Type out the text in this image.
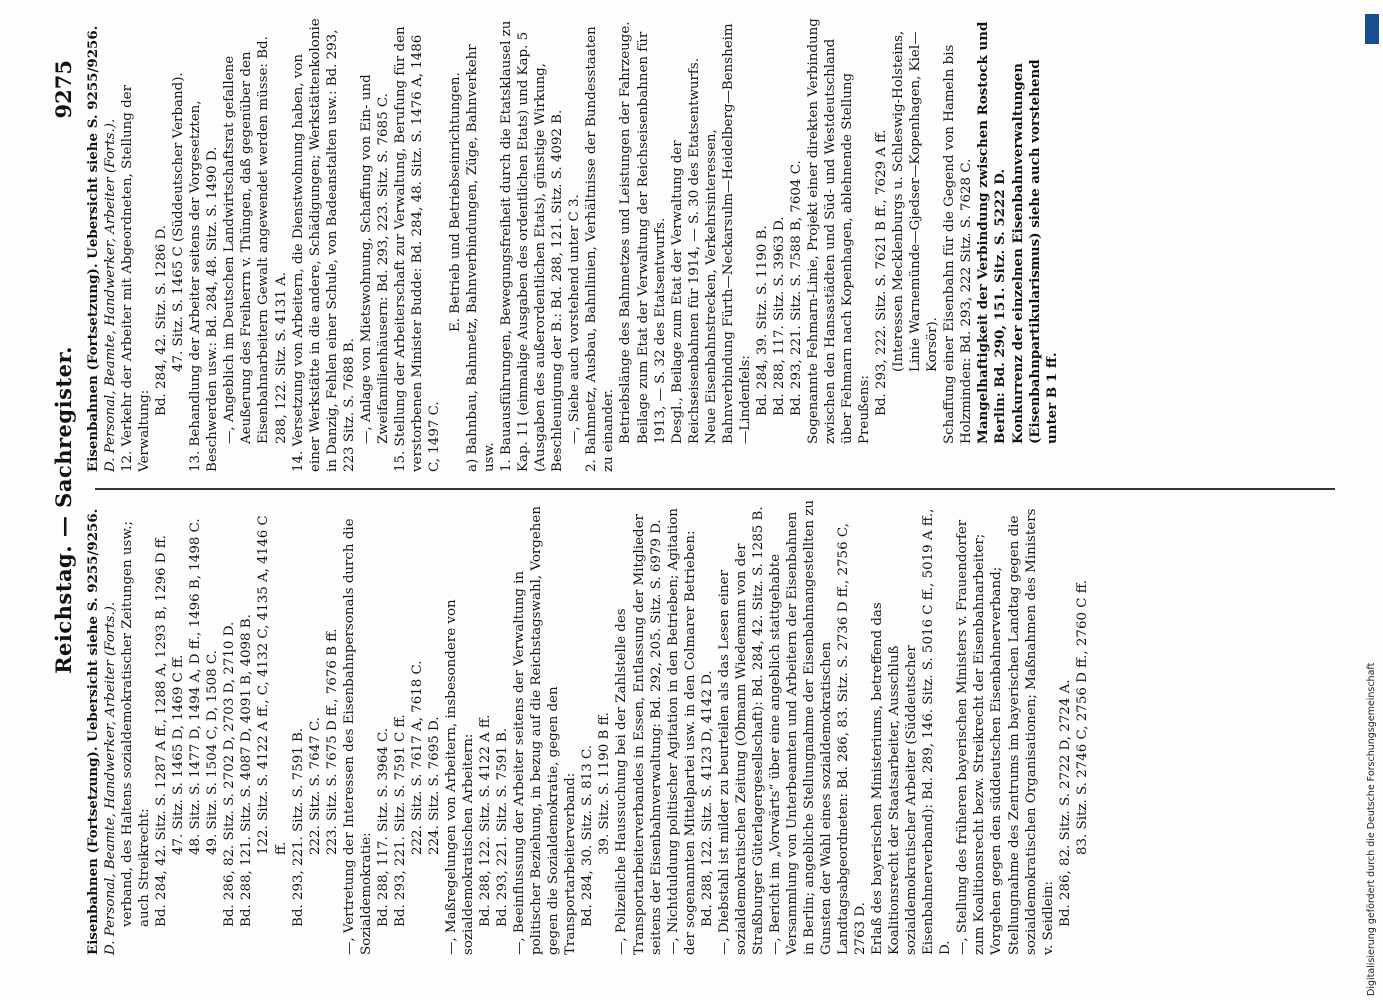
Reichstag. — Sachregister.
9275

Eisenbahnen (Fortsetzung). Uebersicht siehe S. 9255/9256. D. Personal, Beamte, Handwerker, Arbeiter (Forts.). verband, des Haltens sozialdemokratischer Zeitungen usw.; auch Streikrecht: Bd. 284, 42. Sitz. S. 1287 A ff., 1288 A, 1293 B, 1296 D ff. 47. Sitz. S. 1465 D, 1469 C ff. 48. Sitz. S. 1477 D, 1494 A, D ff., 1496 B, 1498 C. 49. Sitz. S. 1504 C, D, 1508 C. Bd. 286, 82. Sitz. S. 2702 D, 2703 D, 2710 D. Bd. 288, 121. Sitz. S. 4087 D, 4091 B, 4098 B. 122. Sitz. S. 4122 A ff., C, 4132 C, 4135 A, 4146 C ff. Bd. 293, 221. Sitz. S. 7591 B. 222. Sitz. S. 7647 C. 223. Sitz. S. 7675 D ff., 7676 B ff. —, Vertretung der Interessen des Eisenbahnpersonals durch die Sozialdemokratie: Bd. 288, 117. Sitz. S. 3964 C. Bd. 293, 221. Sitz. S. 7591 C ff. 222. Sitz. S. 7617 A, 7618 C. 224. Sitz. S. 7695 D. —, Maßregelungen von Arbeitern, insbesondere von sozialdemokratischen Arbeitern: Bd. 288, 122. Sitz. S. 4122 A ff. Bd. 293, 221. Sitz. S. 7591 B. —, Beeinflussung der Arbeiter seitens der Verwaltung in politischer Beziehung, in bezug auf die Reichstagswahl, Vorgehen gegen die Sozialdemokratie, gegen den Transportarbeiterverband: Bd. 284, 30. Sitz. S. 813 C. 39. Sitz. S. 1190 B ff. —, Polizeiliche Haussuchung bei der Zahlstelle des Transportarbeiterverbandes in Essen, Entlassung der Mitglieder seitens der Eisenbahnverwaltung: Bd. 292, 205. Sitz. S. 6979 D. —, Nichtduldung politischer Agitation in den Betrieben; Agitation der sogenannten Mittelpartei usw. in den Colmarer Betrieben: Bd. 288, 122. Sitz. S. 4123 D, 4142 D. —, Diebstahl ist milder zu beurteilen als das Lesen einer sozialdemokratischen Zeitung (Obmann Wiedemann von der Straßburger Güterlagergesellschaft): Bd. 284, 42. Sitz. S. 1285 B. —, Bericht im „Vorwärts“ über eine angeblich stattgehabte Versammlung von Unterbeamten und Arbeitern der Eisenbahnen in Berlin; angebliche Stellungnahme der Eisenbahnangestellten zu Gunsten der Wahl eines sozialdemokratischen Landtagsabgeordneten: Bd. 286, 83. Sitz. S. 2736 D ff., 2756 C, 2763 D. Erlaß des bayerischen Ministeriums, betreffend das Koalitionsrecht der Staatsarbeiter, Ausschluß sozialdemokratischer Arbeiter (Süddeutscher Eisenbahnerverband): Bd. 289, 146. Sitz. S. 5016 C ff., 5019 A ff., D. —, Stellung des früheren bayerischen Ministers v. Frauendorfer zum Koalitionsrecht bezw. Streikrecht der Eisenbahnarbeiter; Vorgehen gegen den süddeutschen Eisenbahnerverband; Stellungnahme des Zentrums im bayerischen Landtag gegen die sozialdemokratischen Organisationen; Maßnahmen des Ministers v. Seidlein: Bd. 286, 82. Sitz. S. 2722 D, 2724 A. 83. Sitz. S. 2746 C, 2756 D ff., 2760 C ff.

Eisenbahnen (Fortsetzung). Uebersicht siehe S. 9255/9256. D. Personal, Beamte, Handwerker, Arbeiter (Forts.). 12. Verkehr der Arbeiter mit Abgeordneten, Stellung der Verwaltung:

Bd. 284, 42. Sitz. S. 1286 D. 47. Sitz. S. 1465 C (Süddeutscher Verband). 13. Behandlung der Arbeiter seitens der Vorgesetzten, Beschwerden usw.: Bd. 284, 48. Sitz. S. 1490 D. —, Angeblich im Deutschen Landwirtschaftsrat gefallene Aeußerung des Freiherrn v. Thüngen, daß gegenüber den Eisenbahnarbeitern Gewalt angewendet werden müsse: Bd. 288, 122. Sitz. S. 4131 A. 14. Versetzung von Arbeitern, die Dienstwohnung haben, von einer Werkstätte in die andere, Schädigungen; Werkstättenkolonie in Danzig, Fehlen einer Schule, von Badeanstalten usw.: Bd. 293, 223 Sitz. S. 7688 B. —, Anlage von Mietswohnung, Schaffung von Ein- und Zweifamilienhäusern: Bd. 293, 223. Sitz. S. 7685 C. 15. Stellung der Arbeiterschaft zur Verwaltung, Berufung für den verstorbenen Minister Budde: Bd. 284, 48. Sitz. S. 1476 A, 1486 C, 1497 C.

E. Betrieb und Betriebseinrichtungen. a) Bahnbau, Bahnnetz, Bahnverbindungen, Züge, Bahnverkehr usw. 1. Bauausführungen, Bewegungsfreiheit durch die Etatsklausel zu Kap. 11 (einmalige Ausgaben des ordentlichen Etats) und Kap. 5 (Ausgaben des außerordentlichen Etats), günstige Wirkung, Beschleunigung der B.: Bd. 288, 121. Sitz. S. 4092 B. —, Siehe auch vorstehend unter C 3. 2. Bahnnetz, Ausbau, Bahnlinien, Verhältnisse der Bundesstaaten zu einander. Betriebslänge des Bahnnetzes und Leistungen der Fahrzeuge. Beilage zum Etat der Verwaltung der Reichseisenbahnen für 1913, — S. 32 des Etatsentwurfs. Desgl., Beilage zum Etat der Verwaltung der Reichseisenbahnen für 1914, — S. 30 des Etatsentwurfs. Neue Eisenbahnstrecken, Verkehrsinteressen, Bahnverbindung Fürth—Neckarsulm—Heidelberg—Bensheim—Lindenfels: Bd. 284, 39. Sitz. S. 1190 B. Bd. 288, 117. Sitz. S. 3963 D. Bd. 293, 221. Sitz. S. 7588 B, 7604 C. Sogenannte Fehmarn-Linie, Projekt einer direkten Verbindung zwischen den Hansastädten und Süd- und Westdeutschland über Fehmarn nach Kopenhagen, ablehnende Stellung Preußens: Bd. 293, 222. Sitz. S. 7621 B ff., 7629 A ff. (Interessen Mecklenburgs u. Schleswig-Holsteins, Linie Warnemünde—Gjedser—Kopenhagen, Kiel—Korsör). Schaffung einer Eisenbahn für die Gegend von Hameln bis Holzminden: Bd. 293, 222 Sitz. S. 7628 C. Mangelhaftigkeit der Verbindung zwischen Rostock und Berlin: Bd. 290, 151. Sitz. S. 5222 D. Konkurrenz der einzelnen Eisenbahnverwaltungen (Eisenbahnpartikularismus) siehe auch vorstehend unter B 1 ff.

Digitalisierung gefördert durch die Deutsche Forschungsgemeinschaft
